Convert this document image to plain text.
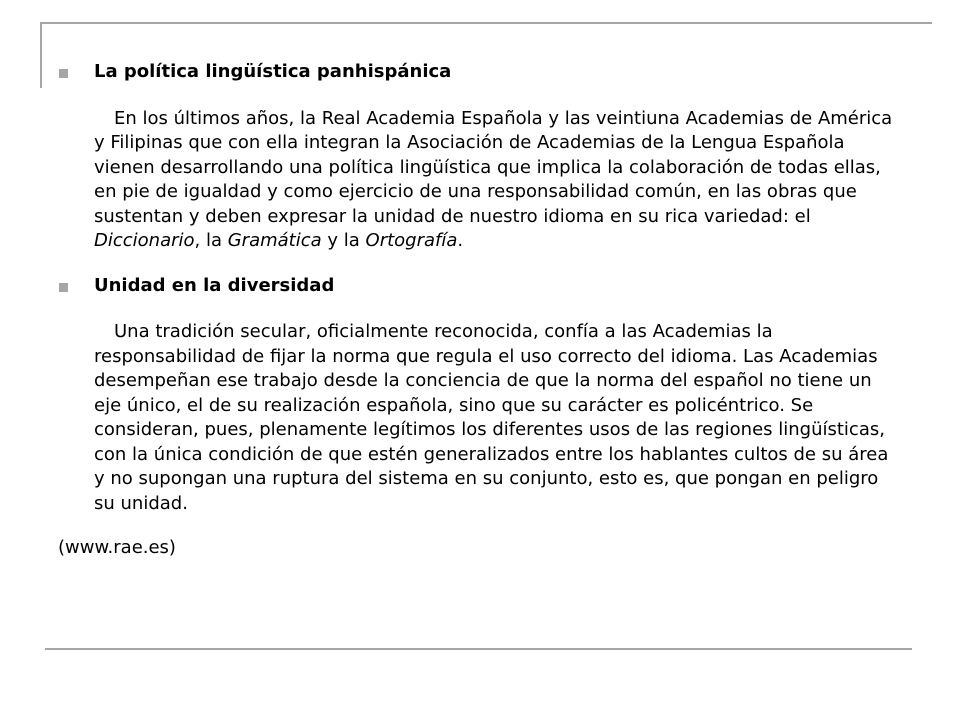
La política lingüística panhispánica

En los últimos años, la Real Academia Española y las veintiuna Academias de América y Filipinas que con ella integran la Asociación de Academias de la Lengua Española vienen desarrollando una política lingüística que implica la colaboración de todas ellas, en pie de igualdad y como ejercicio de una responsabilidad común, en las obras que sustentan y deben expresar la unidad de nuestro idioma en su rica variedad: el Diccionario, la Gramática y la Ortografía.

Unidad en la diversidad

Una tradición secular, oficialmente reconocida, confía a las Academias la responsabilidad de fijar la norma que regula el uso correcto del idioma. Las Academias desempeñan ese trabajo desde la conciencia de que la norma del español no tiene un eje único, el de su realización española, sino que su carácter es policéntrico. Se consideran, pues, plenamente legítimos los diferentes usos de las regiones lingüísticas, con la única condición de que estén generalizados entre los hablantes cultos de su área y no supongan una ruptura del sistema en su conjunto, esto es, que pongan en peligro su unidad.

(www.rae.es)
